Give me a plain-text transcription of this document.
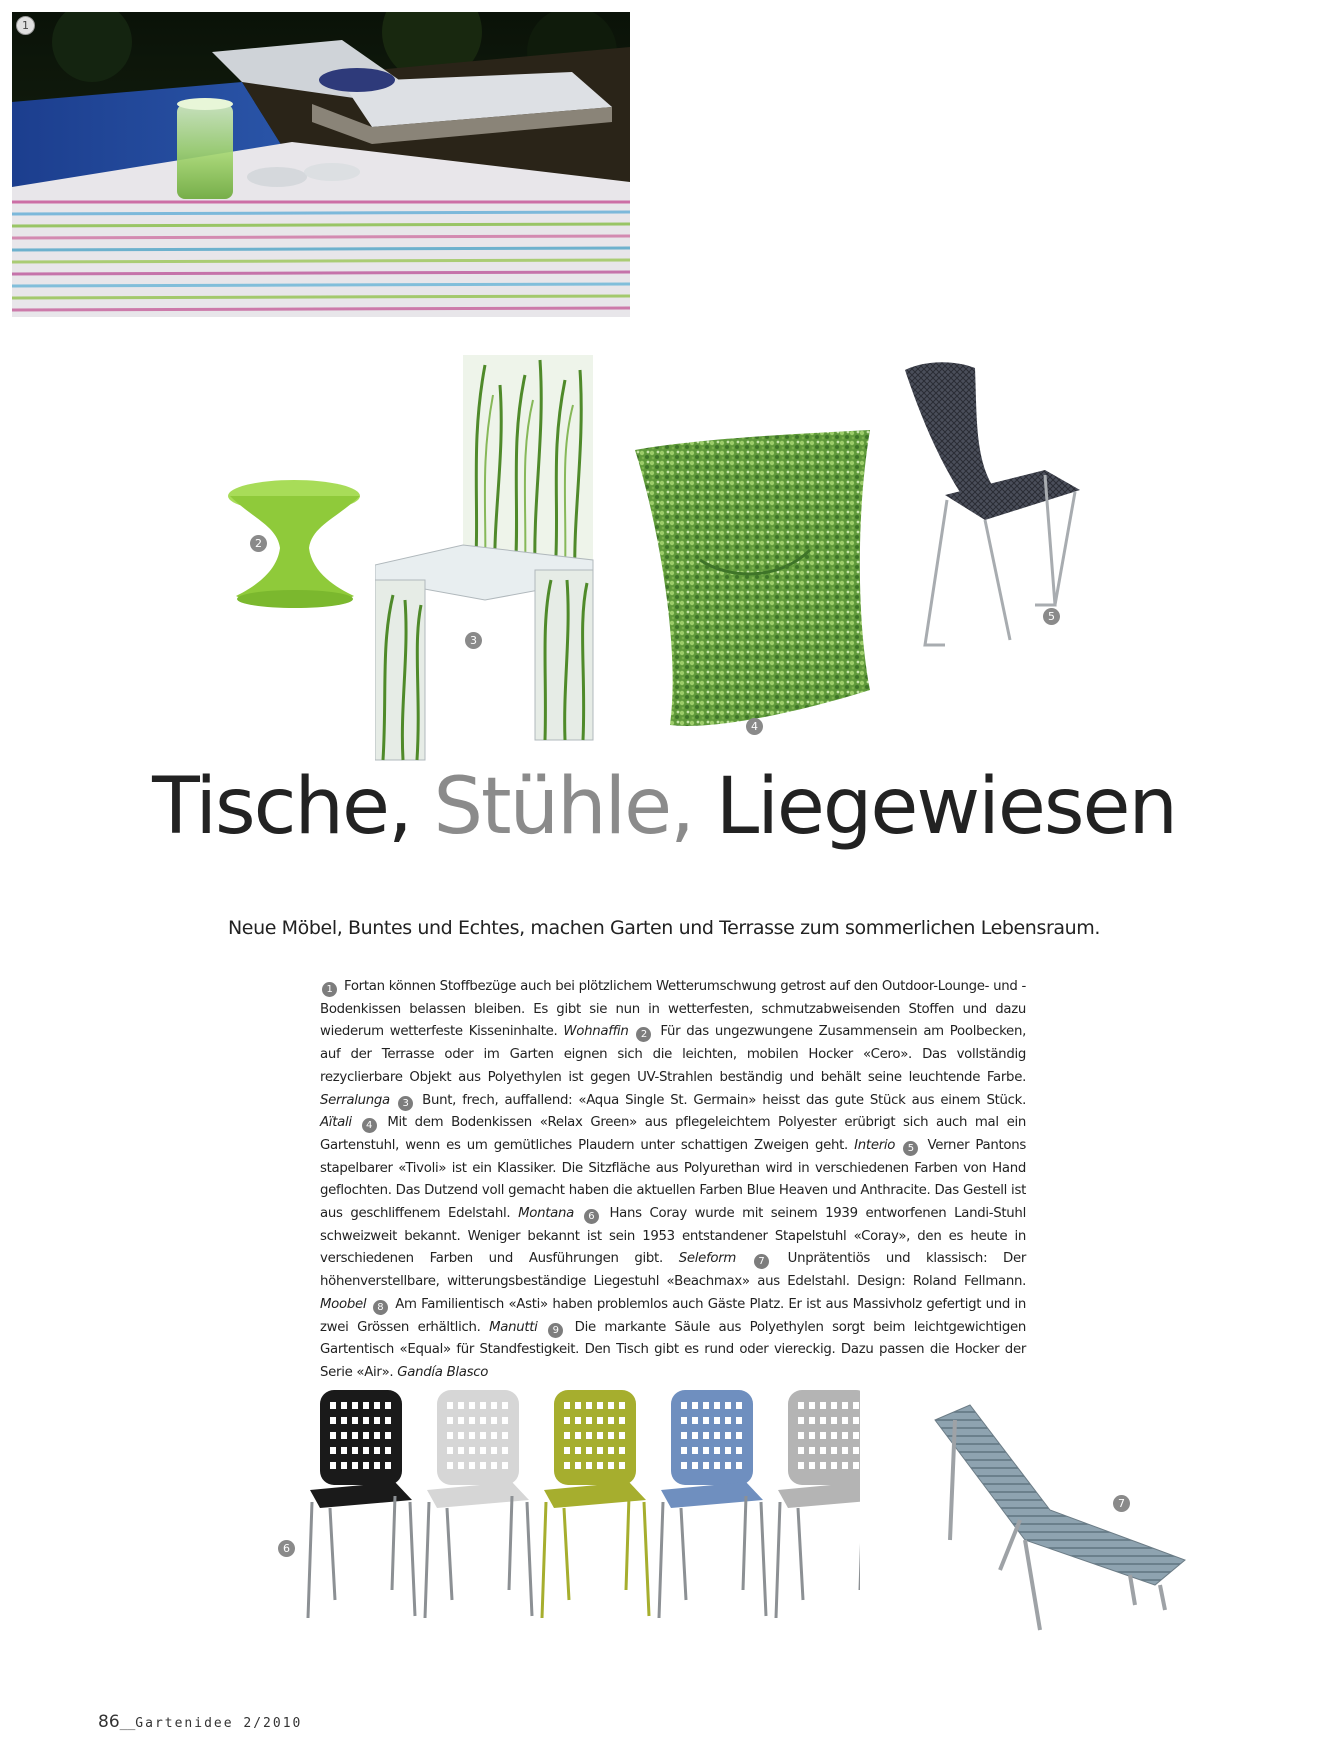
1
2
3
4
5
Tische, Stühle, Liegewiesen
Neue Möbel, Buntes und Echtes, machen Garten und Terrasse zum sommerlichen Lebensraum.
1 Fortan können Stoffbezüge auch bei plötzlichem Wetterumschwung getrost auf den Outdoor-Lounge- und -Bodenkissen belassen bleiben. Es gibt sie nun in wetterfesten, schmutzabweisenden Stoffen und dazu wiederum wetterfeste Kisseninhalte. Wohnaffin 2 Für das ungezwungene Zusammensein am Poolbecken, auf der Terrasse oder im Garten eignen sich die leichten, mobilen Hocker «Cero». Das vollständig rezyclierbare Objekt aus Polyethylen ist gegen UV-Strahlen beständig und behält seine leuchtende Farbe. Serralunga 3 Bunt, frech, auffallend: «Aqua Single St. Germain» heisst das gute Stück aus einem Stück. Aïtali 4 Mit dem Bodenkissen «Relax Green» aus pflegeleichtem Polyester erübrigt sich auch mal ein Gartenstuhl, wenn es um gemütliches Plaudern unter schattigen Zweigen geht. Interio 5 Verner Pantons stapelbarer «Tivoli» ist ein Klassiker. Die Sitzfläche aus Polyurethan wird in verschiedenen Farben von Hand geflochten. Das Dutzend voll gemacht haben die aktuellen Farben Blue Heaven und Anthracite. Das Gestell ist aus geschliffenem Edelstahl. Montana 6 Hans Coray wurde mit seinem 1939 entworfenen Landi-Stuhl schweizweit bekannt. Weniger bekannt ist sein 1953 entstandener Stapelstuhl «Coray», den es heute in verschiedenen Farben und Ausführungen gibt. Seleform 7 Unprätentiös und klassisch: Der höhenverstellbare, witterungsbeständige Liegestuhl «Beachmax» aus Edelstahl. Design: Roland Fellmann. Moobel 8 Am Familientisch «Asti» haben problemlos auch Gäste Platz. Er ist aus Massivholz gefertigt und in zwei Grössen erhältlich. Manutti 9 Die markante Säule aus Polyethylen sorgt beim leichtgewichtigen Gartentisch «Equal» für Standfestigkeit. Den Tisch gibt es rund oder viereckig. Dazu passen die Hocker der Serie «Air». Gandía Blasco
6
7
86__Gartenidee 2/2010
